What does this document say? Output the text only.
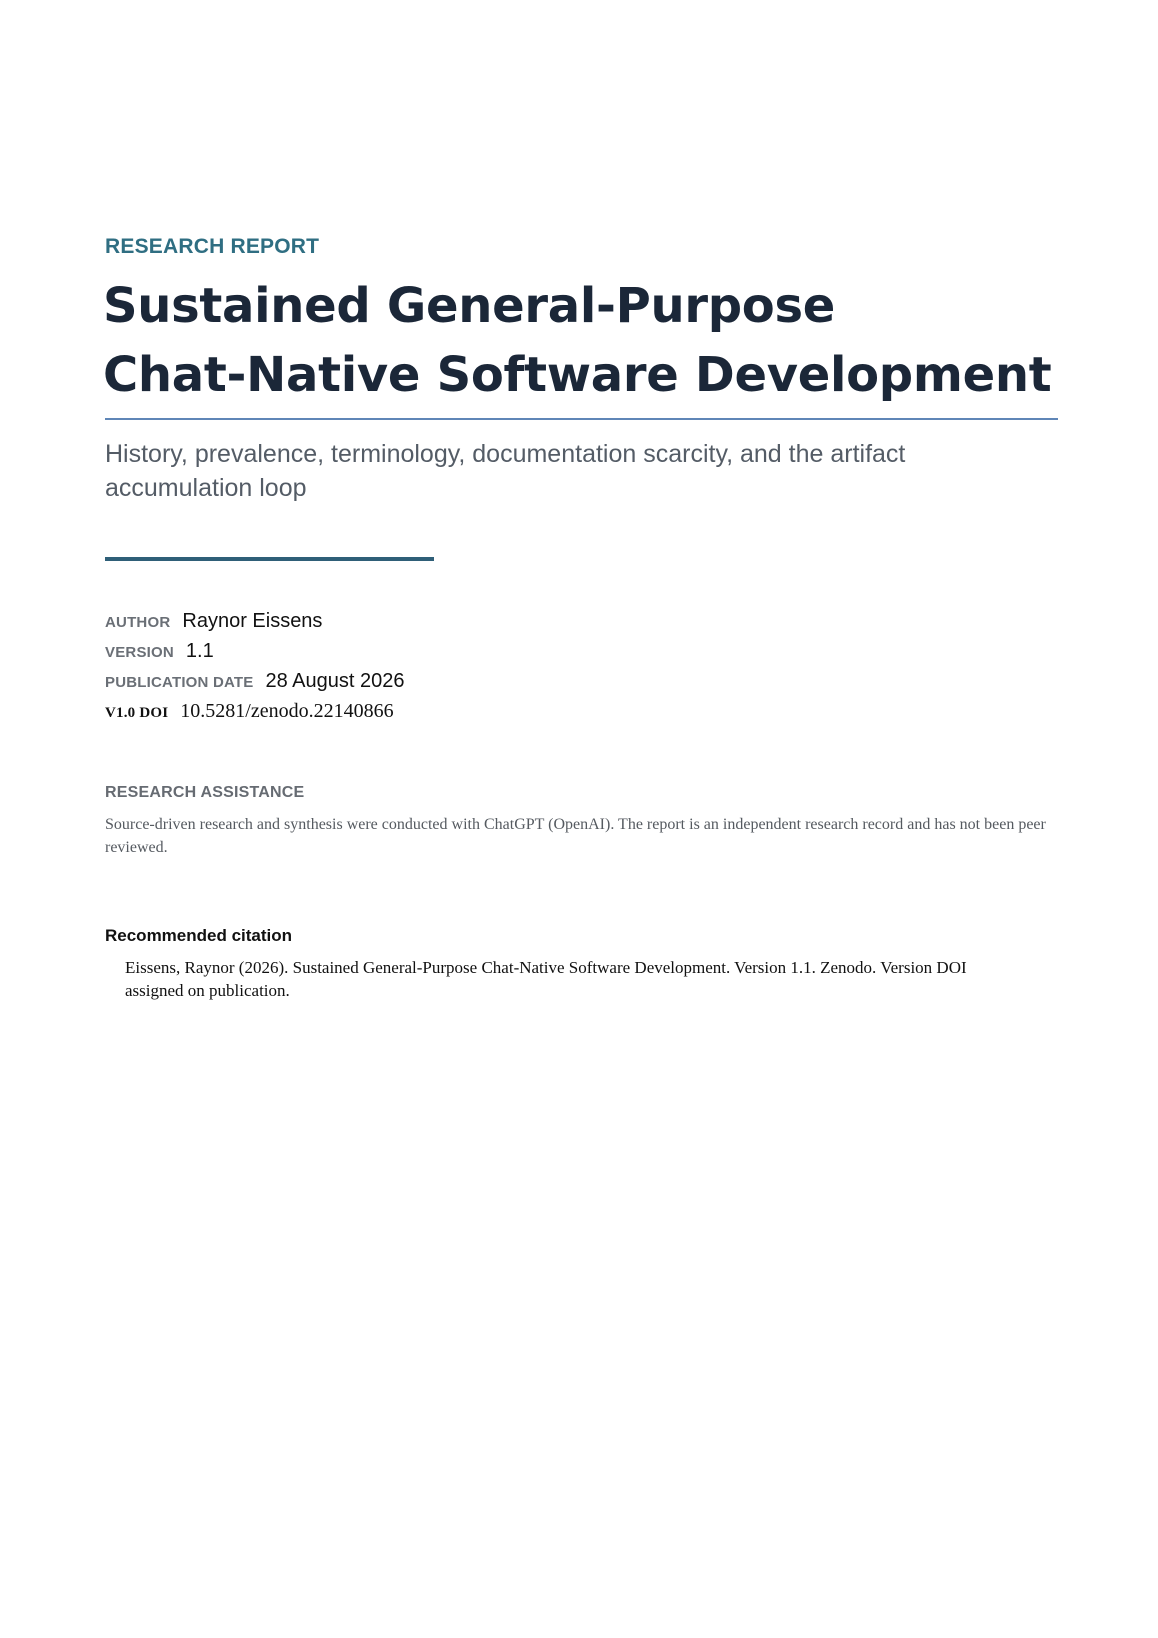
RESEARCH REPORT
Sustained General-Purpose
Chat-Native Software Development

History, prevalence, terminology, documentation scarcity, and the artifact accumulation loop

AUTHOR Raynor Eissens
VERSION 1.1
PUBLICATION DATE 28 August 2026
V1.0 DOI 10.5281/zenodo.22140866
RESEARCH ASSISTANCE

Source-driven research and synthesis were conducted with ChatGPT (OpenAI). The report is an independent research record and has not been peer reviewed.

Recommended citation

Eissens, Raynor (2026). Sustained General-Purpose Chat-Native Software Development. Version 1.1. Zenodo. Version DOI assigned on publication.
